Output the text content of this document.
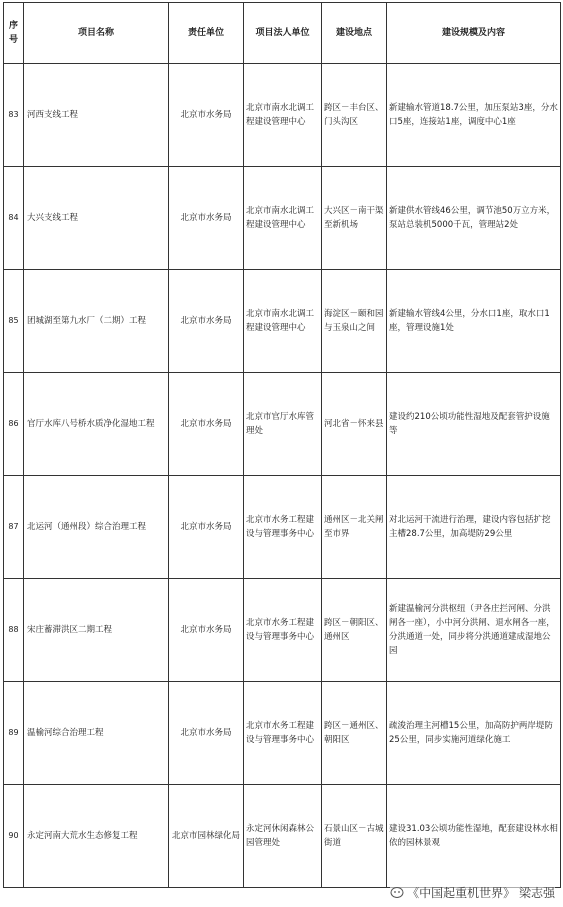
序号	项目名称	责任单位	项目法人单位	建设地点	建设规模及内容
83	河西支线工程	北京市水务局	北京市南水北调工程建设管理中心	跨区－丰台区、门头沟区	新建输水管道18.7公里，加压泵站3座，分水口5座，连接站1座，调度中心1座
84	大兴支线工程	北京市水务局	北京市南水北调工程建设管理中心	大兴区－南干渠至新机场	新建供水管线46公里，调节池50万立方米，泵站总装机5000千瓦，管理站2处
85	团城湖至第九水厂（二期）工程	北京市水务局	北京市南水北调工程建设管理中心	海淀区－颐和园与玉泉山之间	新建输水管线4公里，分水口1座，取水口1座，管理设施1处
86	官厅水库八号桥水质净化湿地工程	北京市水务局	北京市官厅水库管理处	河北省－怀来县	建设约210公顷功能性湿地及配套管护设施等
87	北运河（通州段）综合治理工程	北京市水务局	北京市水务工程建设与管理事务中心	通州区－北关闸至市界	对北运河干流进行治理，建设内容包括扩挖主槽28.7公里，加高堤防29公里
88	宋庄蓄滞洪区二期工程	北京市水务局	北京市水务工程建设与管理事务中心	跨区－朝阳区、通州区	新建温榆河分洪枢纽（尹各庄拦河闸、分洪闸各一座），小中河分洪闸、退水闸各一座，分洪通道一处，同步将分洪通道建成湿地公园
89	温榆河综合治理工程	北京市水务局	北京市水务工程建设与管理事务中心	跨区－通州区、朝阳区	疏浚治理主河槽15公里，加高防护两岸堤防25公里，同步实施河道绿化施工
90	永定河南大荒水生态修复工程	北京市园林绿化局	永定河休闲森林公园管理处	石景山区－古城街道	建设31.03公顷功能性湿地，配套建设林水相依的园林景观
《中国起重机世界》 梁志强
